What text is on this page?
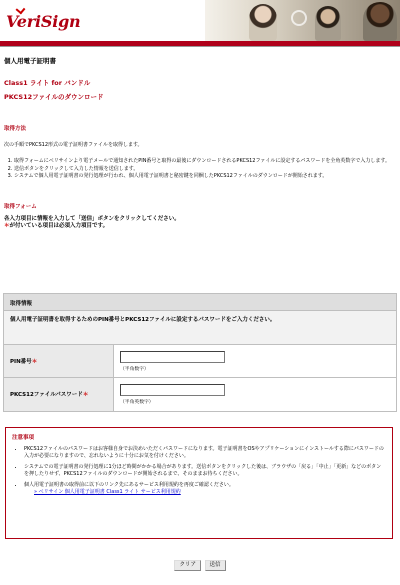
VeriSign
個人用電子証明書
Class1 ライト for バンドル
PKCS12ファイルのダウンロード
取得方法
次の手順でPKCS12形式の電子証明書ファイルを取得します。
1. 取得フォームにベリサインより電子メールで通知されたPIN番号と取得の最後にダウンロードされるPKCS12ファイルに設定するパスワードを全角英数字で入力します。
2. 送信ボタンをクリックして入力した情報を送信します。
3. システムで個人用電子証明書の発行処理が行われ、個人用電子証明書と秘密鍵を同梱したPKCS12ファイルのダウンロードが開始されます。
取得フォーム
各入力項目に情報を入力して「送信」ボタンをクリックしてください。
＊が付いている項目は必須入力項目です。
取得情報
個人用電子証明書を取得するためのPIN番号とPKCS12ファイルに設定するパスワードをご入力ください。
PIN番号＊
（半角数字）
PKCS12ファイルパスワード＊
（半角英数字）
注意事項
• PKCS12ファイルのパスワードはお客様自身でお決めいただくパスワードになります。電子証明書をOSやアプリケーションにインストールする際にパスワードの入力が必要になりますので、忘れないように十分にお気を付けください。
• システムでの電子証明書の発行処理に1分ほど時間がかかる場合があります。送信ボタンをクリックした後は、ブラウザの「戻る」「中止」「更新」などのボタンを押したりせず、PKCS12ファイルのダウンロードが開始されるまで、そのままお待ちください。
• 個人用電子証明書の取得前に以下のリンク先にあるサービス利用規約を再度ご確認ください。
» ベリサイン 個人用電子証明書 Class1 ライト サービス利用規約
クリア 送信
